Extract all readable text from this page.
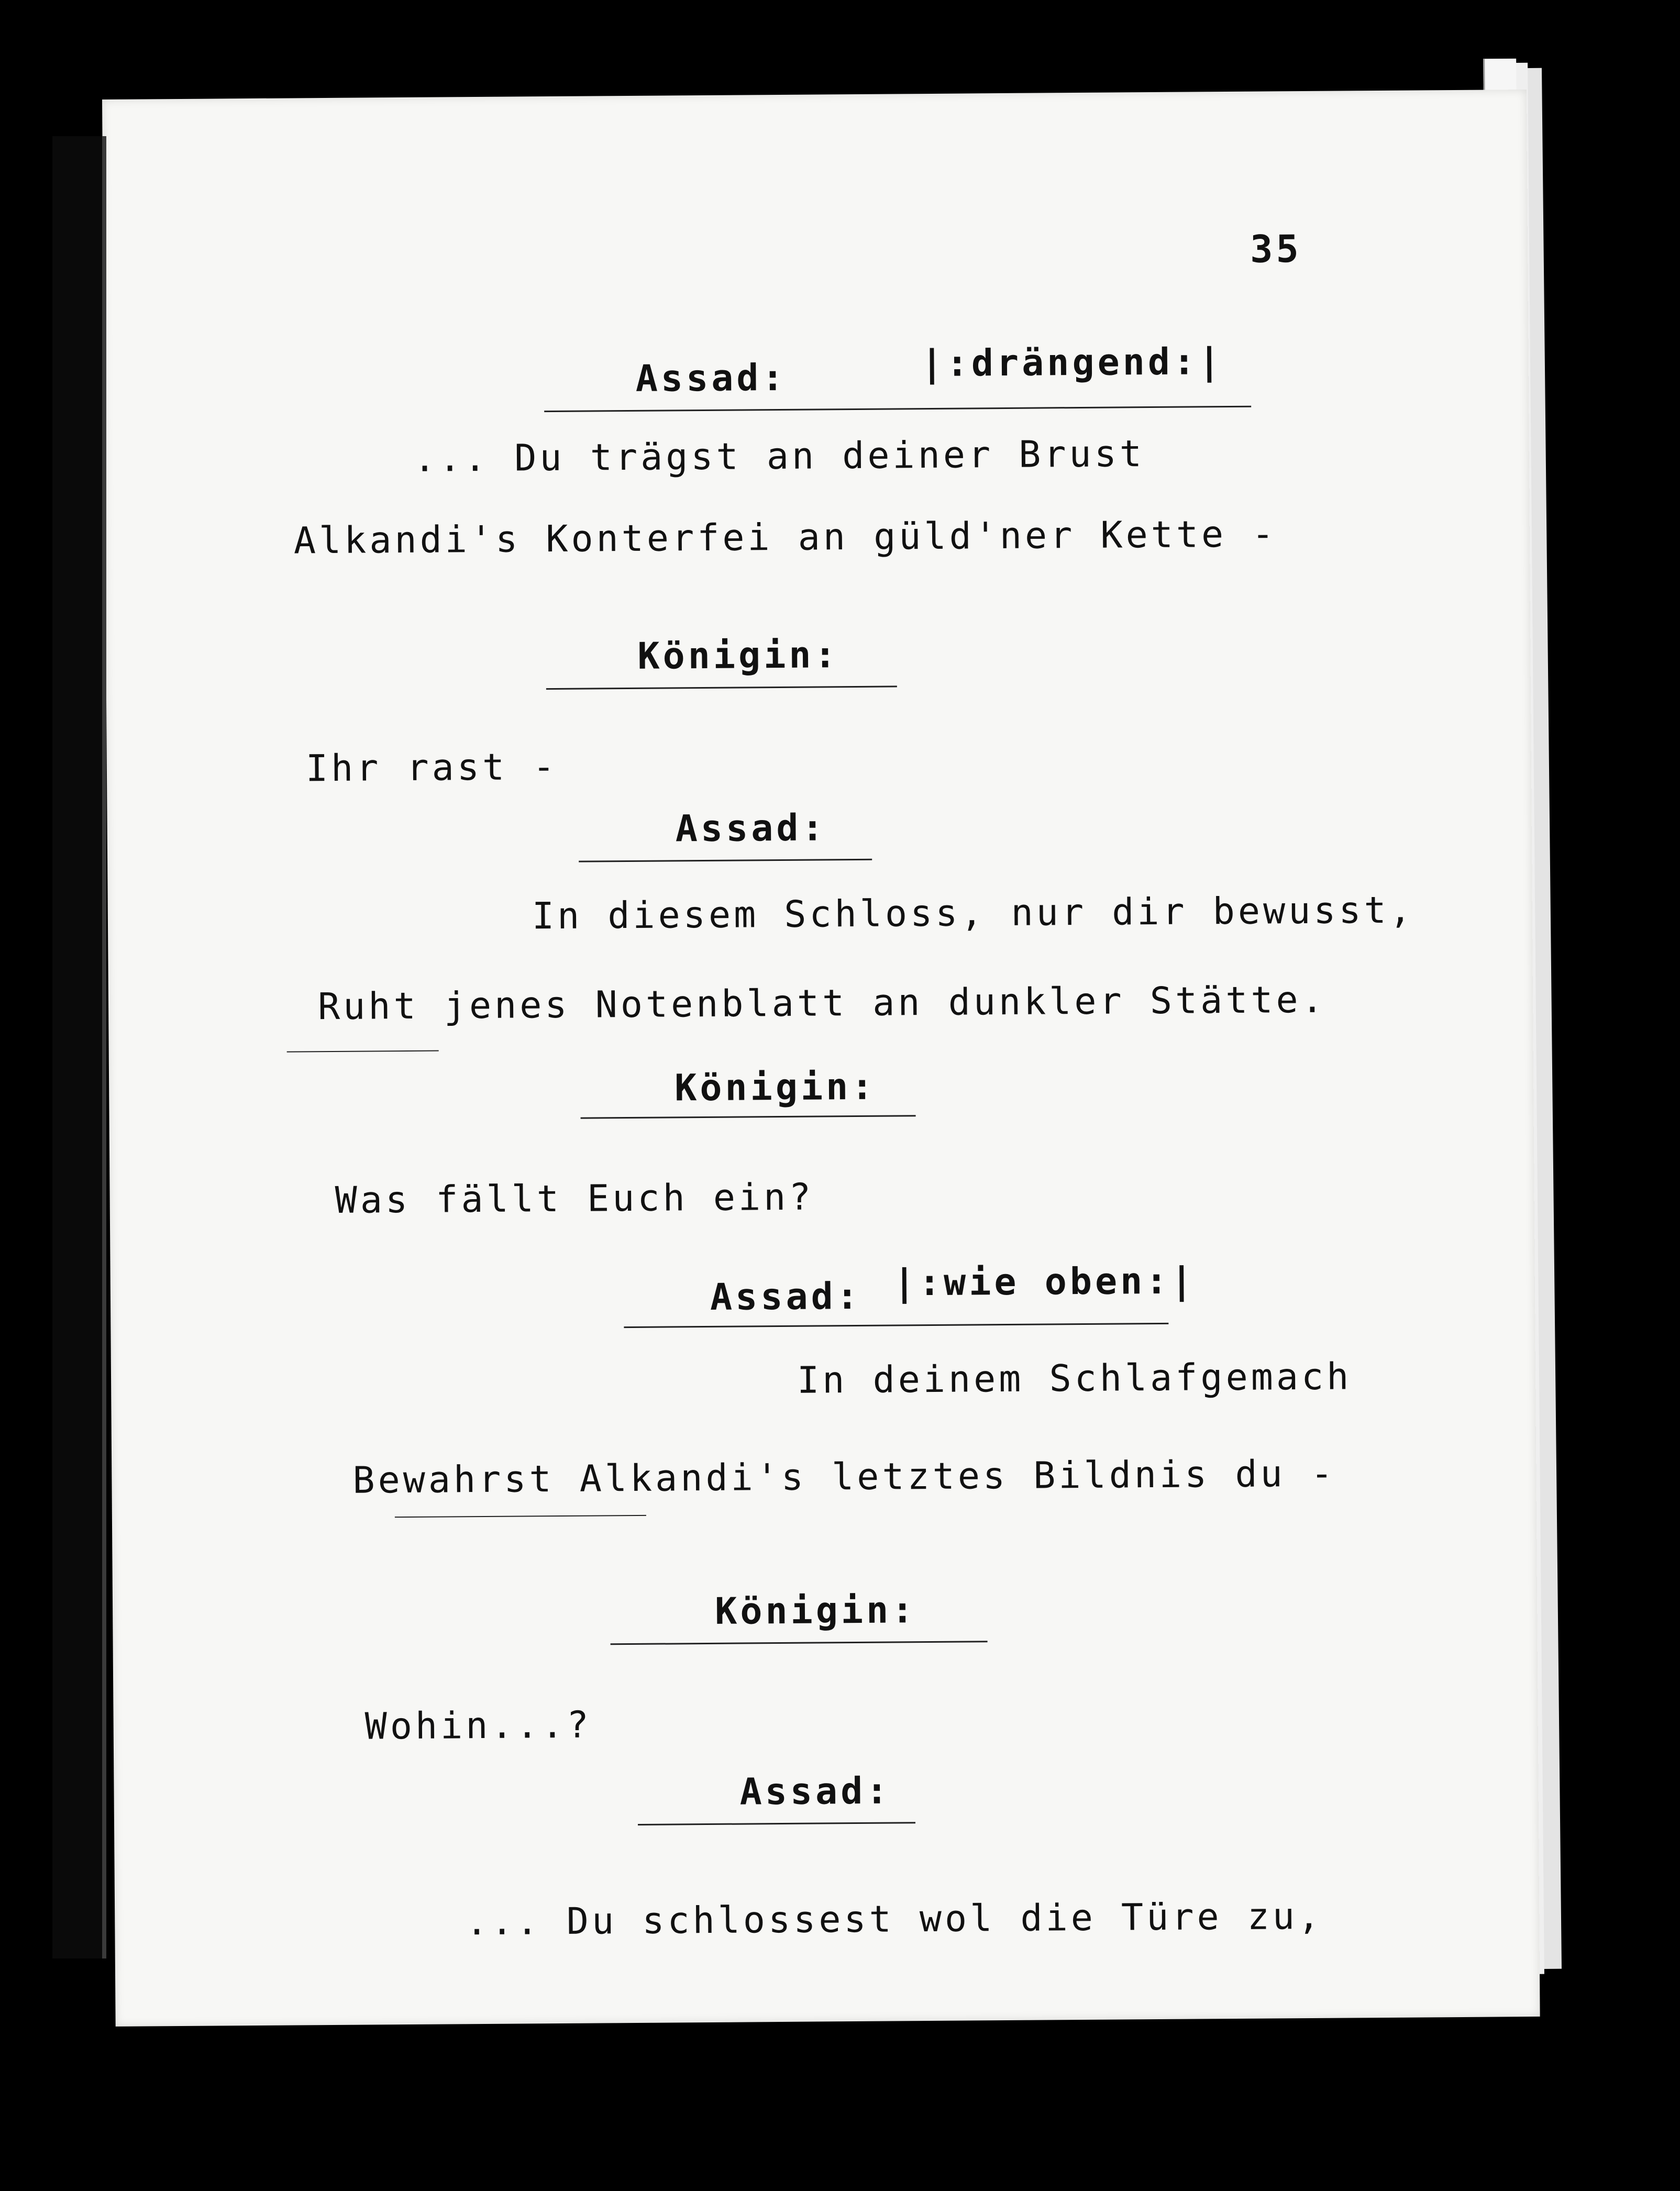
35
Assad:	|:drängend:|
... Du trägst an deiner Brust
Alkandi's Konterfei an güld'ner Kette -
Königin:
Ihr rast -
Assad:
In diesem Schloss, nur dir bewusst,
Ruht jenes Notenblatt an dunkler Stätte.
Königin:
Was fällt Euch ein?
Assad: |:wie oben:|
In deinem Schlafgemach
Bewahrst Alkandi's letztes Bildnis du -
Königin:
Wohin...?
Assad:
... Du schlossest wol die Türe zu,
